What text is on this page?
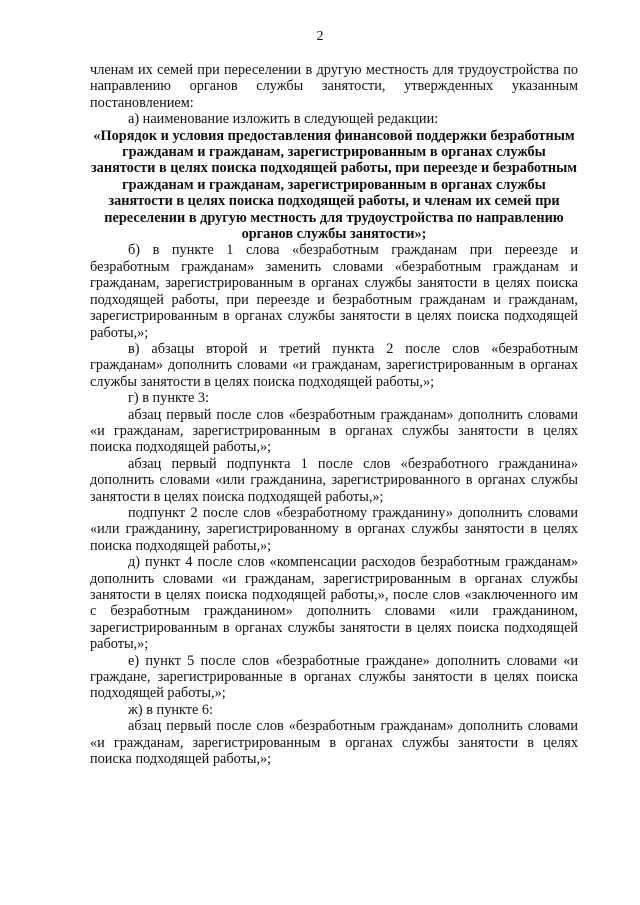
2

членам их семей при переселении в другую местность для трудоустройства по направлению органов службы занятости, утвержденных указанным постановлением:

а) наименование изложить в следующей редакции:

«Порядок и условия предоставления финансовой поддержки безработным гражданам и гражданам, зарегистрированным в органах службы занятости в целях поиска подходящей работы, при переезде и безработным гражданам и гражданам, зарегистрированным в органах службы занятости в целях поиска подходящей работы, и членам их семей при переселении в другую местность для трудоустройства по направлению органов службы занятости»;

б) в пункте 1 слова «безработным гражданам при переезде и безработным гражданам» заменить словами «безработным гражданам и гражданам, зарегистрированным в органах службы занятости в целях поиска подходящей работы, при переезде и безработным гражданам и гражданам, зарегистрированным в органах службы занятости в целях поиска подходящей работы,»;

в) абзацы второй и третий пункта 2 после слов «безработным гражданам» дополнить словами «и гражданам, зарегистрированным в органах службы занятости в целях поиска подходящей работы,»;

г) в пункте 3:

абзац первый после слов «безработным гражданам» дополнить словами «и гражданам, зарегистрированным в органах службы занятости в целях поиска подходящей работы,»;

абзац первый подпункта 1 после слов «безработного гражданина» дополнить словами «или гражданина, зарегистрированного в органах службы занятости в целях поиска подходящей работы,»;

подпункт 2 после слов «безработному гражданину» дополнить словами «или гражданину, зарегистрированному в органах службы занятости в целях поиска подходящей работы,»;

д) пункт 4 после слов «компенсации расходов безработным гражданам» дополнить словами «и гражданам, зарегистрированным в органах службы занятости в целях поиска подходящей работы,», после слов «заключенного им с безработным гражданином» дополнить словами «или гражданином, зарегистрированным в органах службы занятости в целях поиска подходящей работы,»;

е) пункт 5 после слов «безработные граждане» дополнить словами «и граждане, зарегистрированные в органах службы занятости в целях поиска подходящей работы,»;

ж) в пункте 6:

абзац первый после слов «безработным гражданам» дополнить словами «и гражданам, зарегистрированным в органах службы занятости в целях поиска подходящей работы,»;
